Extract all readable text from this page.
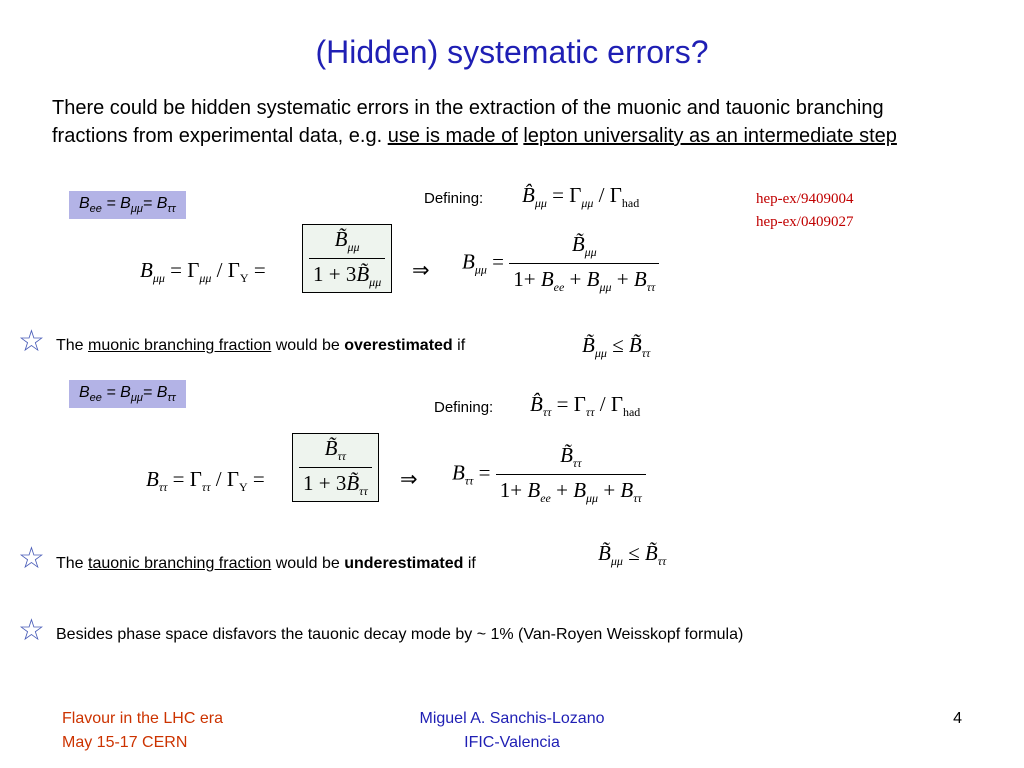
(Hidden) systematic errors?
There could be hidden systematic errors in the extraction of the muonic and tauonic branching fractions from experimental data, e.g. use is made of lepton universality as an intermediate step
$B_{ee} = B_{\mu\mu}= B_{\tau\tau}$
Defining: $B̂_{\mu\mu} = \Gamma_{\mu\mu} / \Gamma_{had}$	hep-ex/9409004
hep-ex/0409027
$B_{\mu\mu} = \Gamma_{\mu\mu} / \Gamma_\Upsilon = \frac{B̃_{\mu\mu}}{1 + 3B̃_{\mu\mu}}$ ⇒ $B_{\mu\mu} = \frac{B̃_{\mu\mu}}{1+ B_{ee} + B_{\mu\mu} + B_{\tau\tau}}$
☆ The muonic branching fraction would be overestimated if	$B̃_{\mu\mu}$ ≤ $B̃_{\tau\tau}$
$B_{ee} = B_{\mu\mu}= B_{\tau\tau}$
Defining: $B̂_{\tau\tau} = \Gamma_{\tau\tau} / \Gamma_{had}$
$B_{\tau\tau} = \Gamma_{\tau\tau} / \Gamma_\Upsilon = \frac{B̃_{\tau\tau}}{1 + 3B̃_{\tau\tau}}$ ⇒ $B_{\tau\tau} = \frac{B̃_{\tau\tau}}{1+ B_{ee} + B_{\mu\mu} + B_{\tau\tau}}$
☆ The tauonic branching fraction would be underestimated if	$B̃_{\mu\mu}$ ≤ $B̃_{\tau\tau}$
☆ Besides phase space disfavors the tauonic decay mode by ~ 1% (Van-Royen Weisskopf formula)
Flavour in the LHC era
May 15-17 CERN
Miguel A. Sanchis-Lozano
IFIC-Valencia
4
